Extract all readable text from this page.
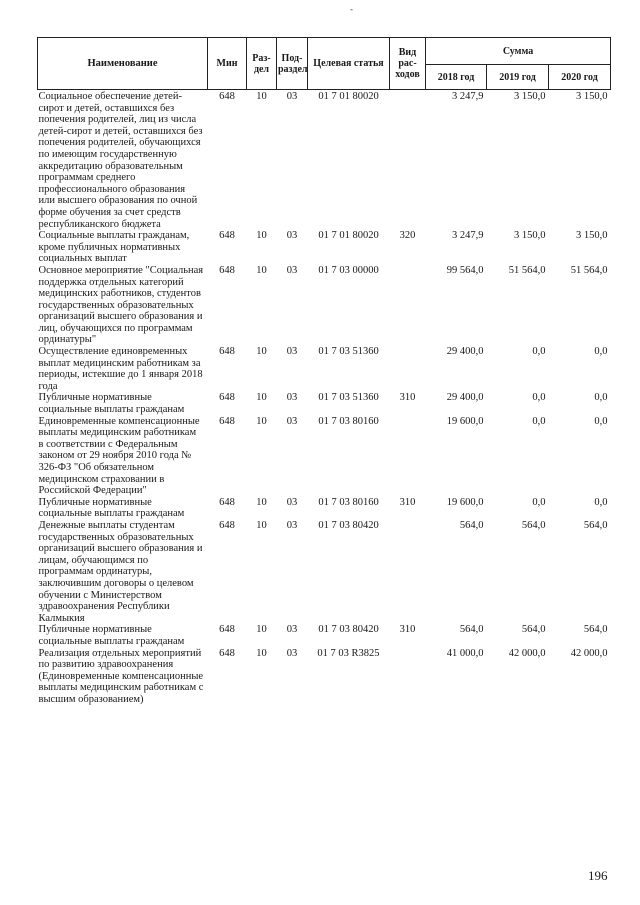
-
Наименование	Мин	Раз-дел	Под-раздел	Целевая статья	Вид рас-ходов	Сумма		
						2018 год	2019 год	2020 год
Социальное обеспечение детей-сирот и детей, оставшихся без попечения родителей, лиц из числа детей-сирот и детей, оставшихся без попечения родителей, обучающихся по имеющим государственную аккредитацию образовательным программам среднего профессионального образования или высшего образования по очной форме обучения за счет средств республиканского бюджета	648	10	03	01 7 01 80020		3 247,9	3 150,0	3 150,0
Социальные выплаты гражданам, кроме публичных нормативных социальных выплат	648	10	03	01 7 01 80020	320	3 247,9	3 150,0	3 150,0
Основное мероприятие "Социальная поддержка отдельных категорий медицинских работников, студентов государственных образовательных организаций высшего образования и лиц, обучающихся по программам ординатуры"	648	10	03	01 7 03 00000		99 564,0	51 564,0	51 564,0
Осуществление единовременных выплат медицинским работникам за периоды, истекшие до 1 января 2018 года	648	10	03	01 7 03 51360		29 400,0	0,0	0,0
Публичные нормативные социальные выплаты гражданам	648	10	03	01 7 03 51360	310	29 400,0	0,0	0,0
Единовременные компенсационные выплаты медицинским работникам в соответствии с Федеральным законом от 29 ноября 2010 года № 326-ФЗ "Об обязательном медицинском страховании в Российской Федерации"	648	10	03	01 7 03 80160		19 600,0	0,0	0,0
Публичные нормативные социальные выплаты гражданам	648	10	03	01 7 03 80160	310	19 600,0	0,0	0,0
Денежные выплаты студентам государственных образовательных организаций высшего образования и лицам, обучающимся по программам ординатуры, заключившим договоры о целевом обучении с Министерством здравоохранения Республики Калмыкия	648	10	03	01 7 03 80420		564,0	564,0	564,0
Публичные нормативные социальные выплаты гражданам	648	10	03	01 7 03 80420	310	564,0	564,0	564,0
Реализация отдельных мероприятий по развитию здравоохранения (Единовременные компенсационные выплаты медицинским работникам с высшим образованием)	648	10	03	01 7 03 R3825		41 000,0	42 000,0	42 000,0
196
